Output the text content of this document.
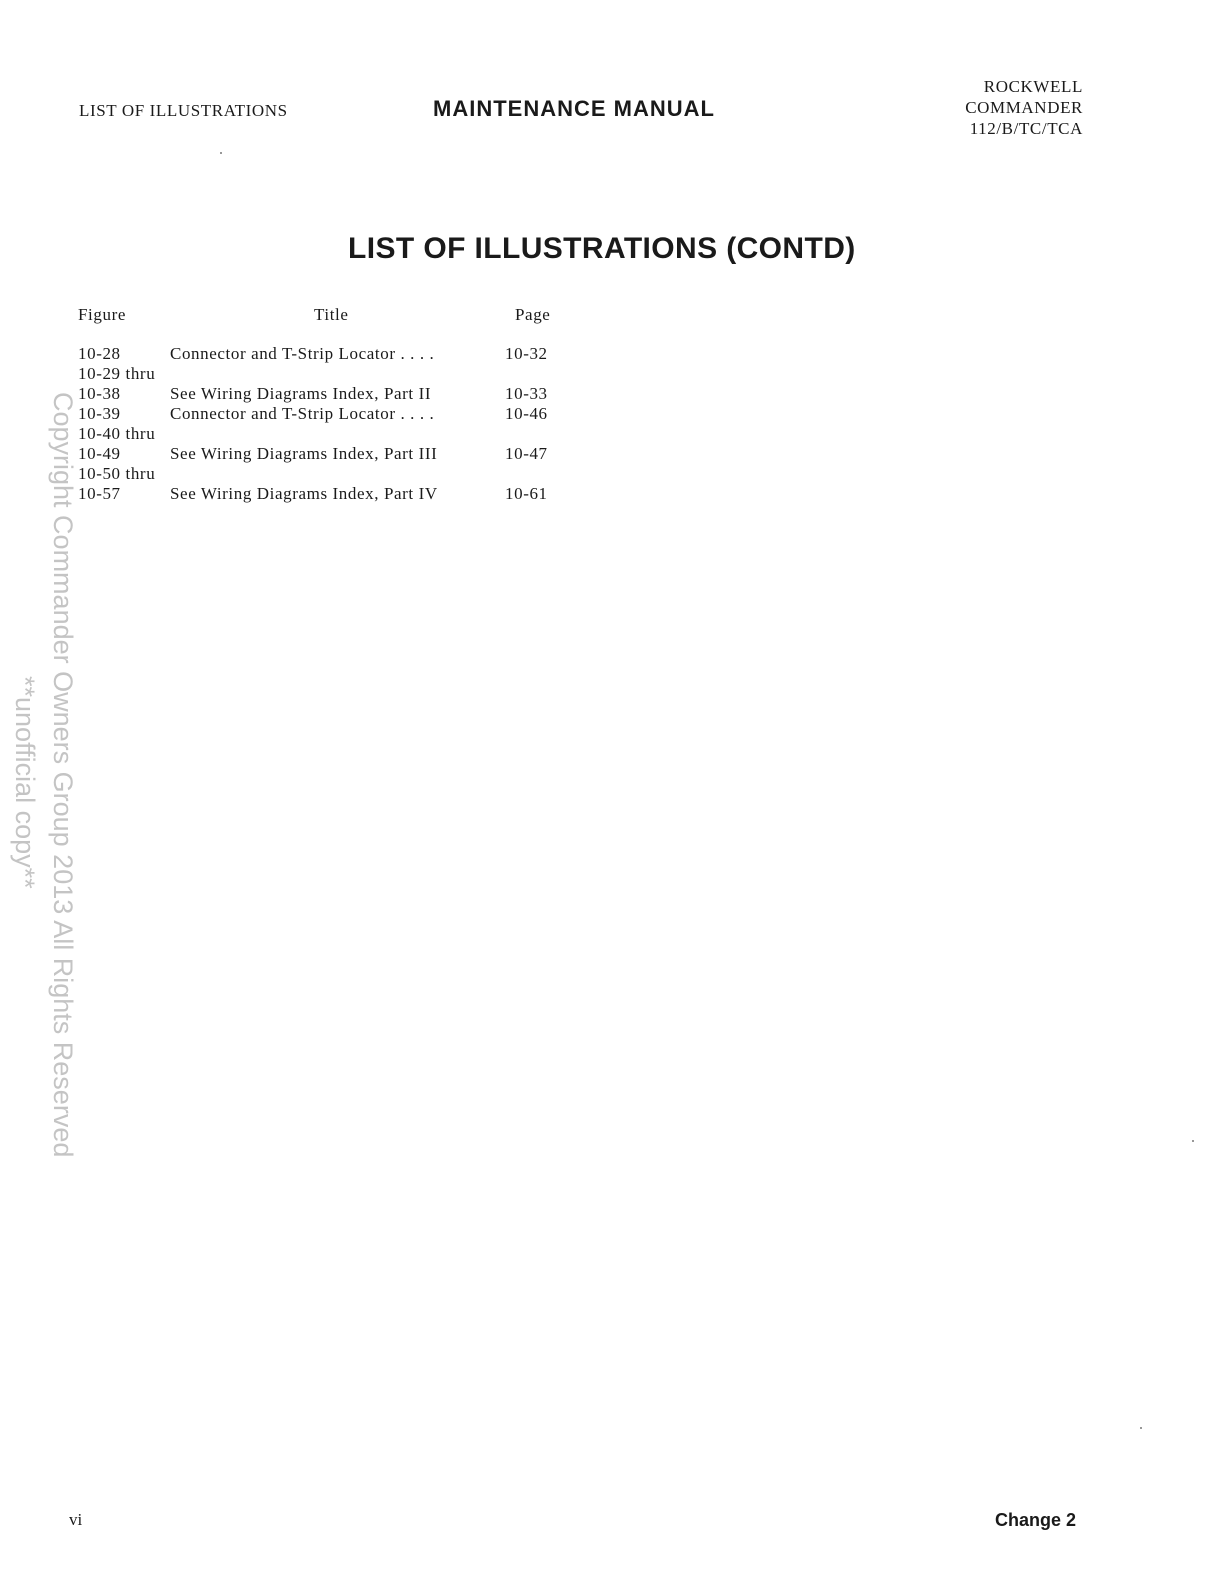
LIST OF ILLUSTRATIONS	MAINTENANCE MANUAL
ROCKWELL
COMMANDER
112/B/TC/TCA
LIST OF ILLUSTRATIONS (CONTD)
Figure	Title	Page
10-28	Connector and T-Strip Locator . . . .	10-32
10-29 thru
10-38	See Wiring Diagrams Index, Part II	10-33
10-39	Connector and T-Strip Locator . . . .	10-46
10-40 thru
10-49	See Wiring Diagrams Index, Part III	10-47
10-50 thru
10-57	See Wiring Diagrams Index, Part IV	10-61
Copyright Commander Owners Group 2013 All Rights Reserved
**unofficial copy**
vi	Change 2
